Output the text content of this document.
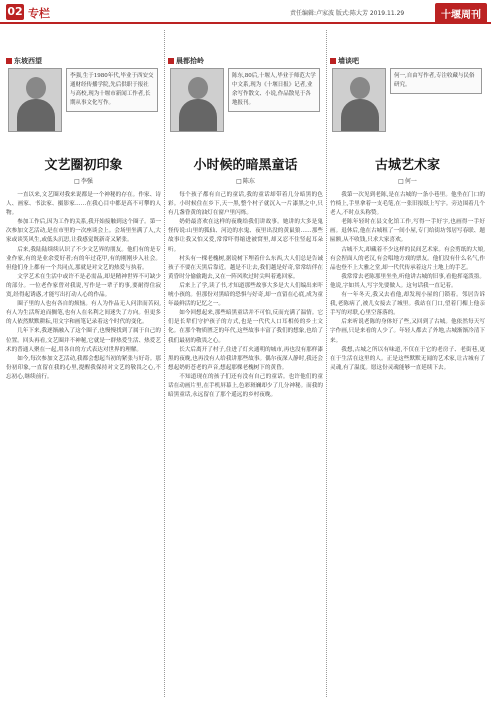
02 专栏	责任编辑:卢家波 版式:陈大芳 2019.11.29	十堰周刊
东坡西望
李强,生于1980年代,毕业于西安交通财经传播学院,先后供职于报社与高校,现为十堰市新闻工作者,长期从事文化写作。
文艺圈初印象
□ 李强

一直以来,文艺圈对我来说都是一个神秘的存在。作家、诗人、画家、书法家、摄影家……在我心目中都是高不可攀的人物。

参加工作后,因为工作的关系,我开始接触到这个圈子。第一次参加文艺活动,是在市里的一次座谈会上。会场里坐满了人,大家或谈笑风生,或低头沉思,让我感觉既新奇又紧张。

后来,我陆陆续续认识了不少文艺界的朋友。他们有的是专业作家,有的是业余爱好者;有的年过花甲,有的刚刚步入社会。但他们身上都有一个共同点,那就是对文艺的热爱与执着。

文学艺术在生活中或许不是必需品,却是精神世界不可缺少的部分。一位老作家曾对我说,写作是一辈子的事,要耐得住寂寞,经得起诱惑,才能写出打动人心的作品。

圈子里的人也有各自的烦恼。有人为作品无人问津而苦闷,有人为生活所迫而搁笔,也有人在名利之间迷失了方向。但更多的人依然默默耕耘,用文字和画笔记录着这个时代的变化。

几年下来,我逐渐融入了这个圈子,也慢慢找到了属于自己的位置。回头再看,文艺圈并不神秘,它就是一群热爱生活、热爱艺术的普通人聚在一起,用各自的方式表达对世界的理解。

如今,每次参加文艺活动,我都会想起当初的紧张与好奇。那份初印象,一直留在我的心里,提醒我保持对文艺的敬畏之心,不忘初心,继续前行。

晨都拾岭
陈东,80后,十堰人,毕业于师范大学中文系,现为《十堰日报》记者,业余写作散文、小说,作品散见于各地报刊。
小时候的暗黑童话
□ 陈东

每个孩子都有自己的童话,我的童话却带着几分暗黑的色彩。小时候住在乡下,天一黑,整个村子就沉入一片漆黑之中,只有几盏昏黄的油灯在窗户里闪烁。

奶奶最喜欢在这样的夜晚给我们讲故事。她讲的大多是鬼怪传说:山里的狐仙、河边的水鬼、夜里出没的黄鼠狼……那些故事让我又怕又爱,常常吓得缩进被窝里,却又忍不住竖起耳朵听。

村头有一棵老槐树,据说树下埋着什么东西,大人们总是告诫孩子不要在天黑后靠近。越是不让去,我们越是好奇,常常结伴在黄昏时分偷偷跑去,又在一阵风吹过时尖叫着逃回家。

后来上了学,读了书,才知道那些故事大多是大人们编出来吓唬小孩的。但那份对黑暗的恐惧与好奇,却一直留在心底,成为童年最鲜活的记忆之一。

如今回想起来,那些暗黑童话并不可怕,反而充满了温情。它们是长辈们守护孩子的方式,也是一代代人口耳相传的乡土文化。在那个物质匮乏的年代,这些故事丰富了我们的想象,也给了我们最初的敬畏之心。

长大后离开了村子,住进了灯火通明的城市,再也没有那样漆黑的夜晚,也再没有人给我讲那些故事。偶尔夜深人静时,我还会想起奶奶苍老的声音,想起那棵老槐树下的黄昏。

不知道现在的孩子们还有没有自己的童话。也许他们的童话在动画片里,在手机屏幕上,色彩斑斓却少了几分神秘。而我的暗黑童话,永远留在了那个遥远的乡村夜晚。

墙谈吧
何一,自由写作者,专注收藏与民俗研究。
古城艺术家
□ 何一

我第一次见到老陈,是在古城的一条小巷里。他坐在门口的竹椅上,手里拿着一支毛笔,在一张旧报纸上写字。旁边围着几个老人,不时点头称赞。

老陈年轻时在县文化馆工作,写得一手好字,也画得一手好画。退休后,他在古城租了一间小屋,专门给街坊邻居写春联、题匾额,从不收钱,只求大家喜欢。

古城不大,却藏着不少这样的民间艺术家。有会剪纸的大娘,有会捏面人的老汉,有会唱地方戏的票友。他们没有什么名气,作品也登不上大雅之堂,却一代代传承着这片土地上的手艺。

我常常去老陈那里坐坐,听他讲古城的旧事,看他挥毫泼墨。他说,字如其人,写字先要做人。这句话我一直记着。

有一年冬天,我又去看他,却发现小屋的门锁着。邻居告诉我,老陈病了,被儿女接去了城里。我站在门口,望着门楣上他亲手写的对联,心里空落落的。

后来听说老陈的身体好了些,又回到了古城。他依然每天写字作画,只是来看的人少了。年轻人都去了外地,古城渐渐冷清下来。

我想,古城之所以有味道,不仅在于它的老房子、老街巷,更在于生活在这里的人。正是这些默默无闻的艺术家,让古城有了灵魂,有了温度。愿这份灵魂能够一直延续下去。
